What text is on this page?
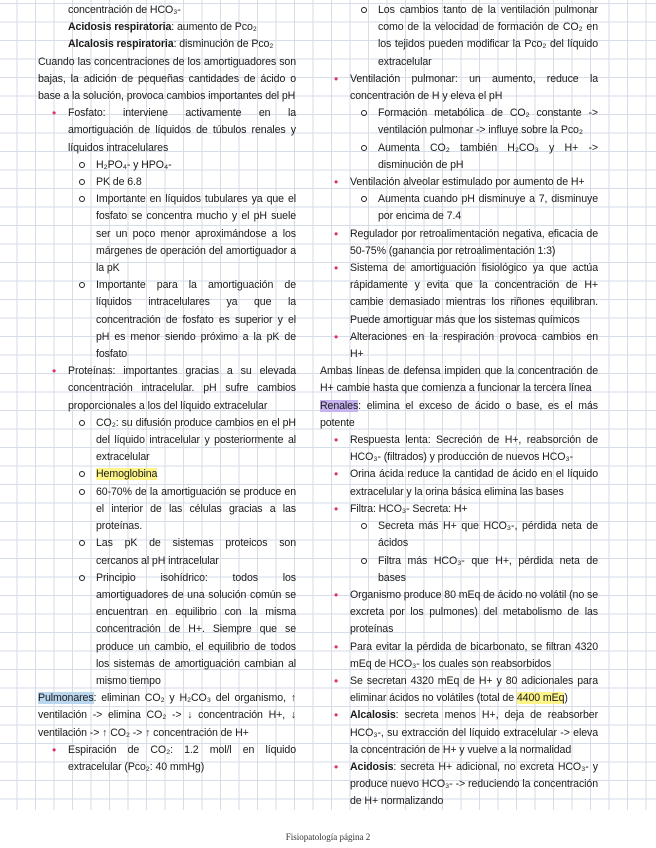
concentración de HCO₃-
Acidosis respiratoria: aumento de Pco₂
Alcalosis respiratoria: disminución de Pco₂

Cuando las concentraciones de los amortiguadores son bajas, la adición de pequeñas cantidades de ácido o base a la solución, provoca cambios importantes del pH

• Fosfato: interviene activamente en la amortiguación de líquidos de túbulos renales y líquidos intracelulares
H₂PO₄- y HPO₄-
PK de 6.8
Importante en líquidos tubulares ya que el fosfato se concentra mucho y el pH suele ser un poco menor aproximándose a los márgenes de operación del amortiguador a la pK
Importante para la amortiguación de líquidos intracelulares ya que la concentración de fosfato es superior y el pH es menor siendo próximo a la pK de fosfato
• Proteínas: importantes gracias a su elevada concentración intracelular. pH sufre cambios proporcionales a los del líquido extracelular
CO₂: su difusión produce cambios en el pH del líquido intracelular y posteriormente al extracelular
Hemoglobina
60-70% de la amortiguación se produce en el interior de las células gracias a las proteínas.
Las pK de sistemas proteicos son cercanos al pH intracelular
Principio isohídrico: todos los amortiguadores de una solución común se encuentran en equilibrio con la misma concentración de H+. Siempre que se produce un cambio, el equilibrio de todos los sistemas de amortiguación cambian al mismo tiempo

Pulmonares: eliminan CO₂ y H₂CO₃ del organismo, ↑ ventilación -> elimina CO₂ -> ↓ concentración H+, ↓ ventilación -> ↑ CO₂ -> ↑ concentración de H+

• Espiración de CO₂: 1.2 mol/l en líquido extracelular (Pco₂: 40 mmHg)
Los cambios tanto de la ventilación pulmonar como de la velocidad de formación de CO₂ en los tejidos pueden modificar la Pco₂ del líquido extracelular
• Ventilación pulmonar: un aumento, reduce la concentración de H y eleva el pH
Formación metabólica de CO₂ constante -> ventilación pulmonar -> influye sobre la Pco₂
Aumenta CO₂ también H₂CO₃ y H+ -> disminución de pH
• Ventilación alveolar estimulado por aumento de H+
Aumenta cuando pH disminuye a 7, disminuye por encima de 7.4
• Regulador por retroalimentación negativa, eficacia de 50-75% (ganancia por retroalimentación 1:3)
• Sistema de amortiguación fisiológico ya que actúa rápidamente y evita que la concentración de H+ cambie demasiado mientras los riñones equilibran. Puede amortiguar más que los sistemas químicos
• Alteraciones en la respiración provoca cambios en H+

Ambas líneas de defensa impiden que la concentración de H+ cambie hasta que comienza a funcionar la tercera línea

Renales: elimina el exceso de ácido o base, es el más potente

• Respuesta lenta: Secreción de H+, reabsorción de HCO₃- (filtrados) y producción de nuevos HCO₃-
• Orina ácida reduce la cantidad de ácido en el líquido extracelular y la orina básica elimina las bases
• Filtra: HCO₃- Secreta: H+
Secreta más H+ que HCO₃-, pérdida neta de ácidos
Filtra más HCO₃- que H+, pérdida neta de bases
• Organismo produce 80 mEq de ácido no volátil (no se excreta por los pulmones) del metabolismo de las proteínas
• Para evitar la pérdida de bicarbonato, se filtran 4320 mEq de HCO₃- los cuales son reabsorbidos
• Se secretan 4320 mEq de H+ y 80 adicionales para eliminar ácidos no volátiles (total de 4400 mEq)
• Alcalosis: secreta menos H+, deja de reabsorber HCO₃-, su extracción del líquido extracelular -> eleva la concentración de H+ y vuelve a la normalidad
• Acidosis: secreta H+ adicional, no excreta HCO₃- y produce nuevo HCO₃- -> reduciendo la concentración de H+ normalizando
Fisiopatología página 2
